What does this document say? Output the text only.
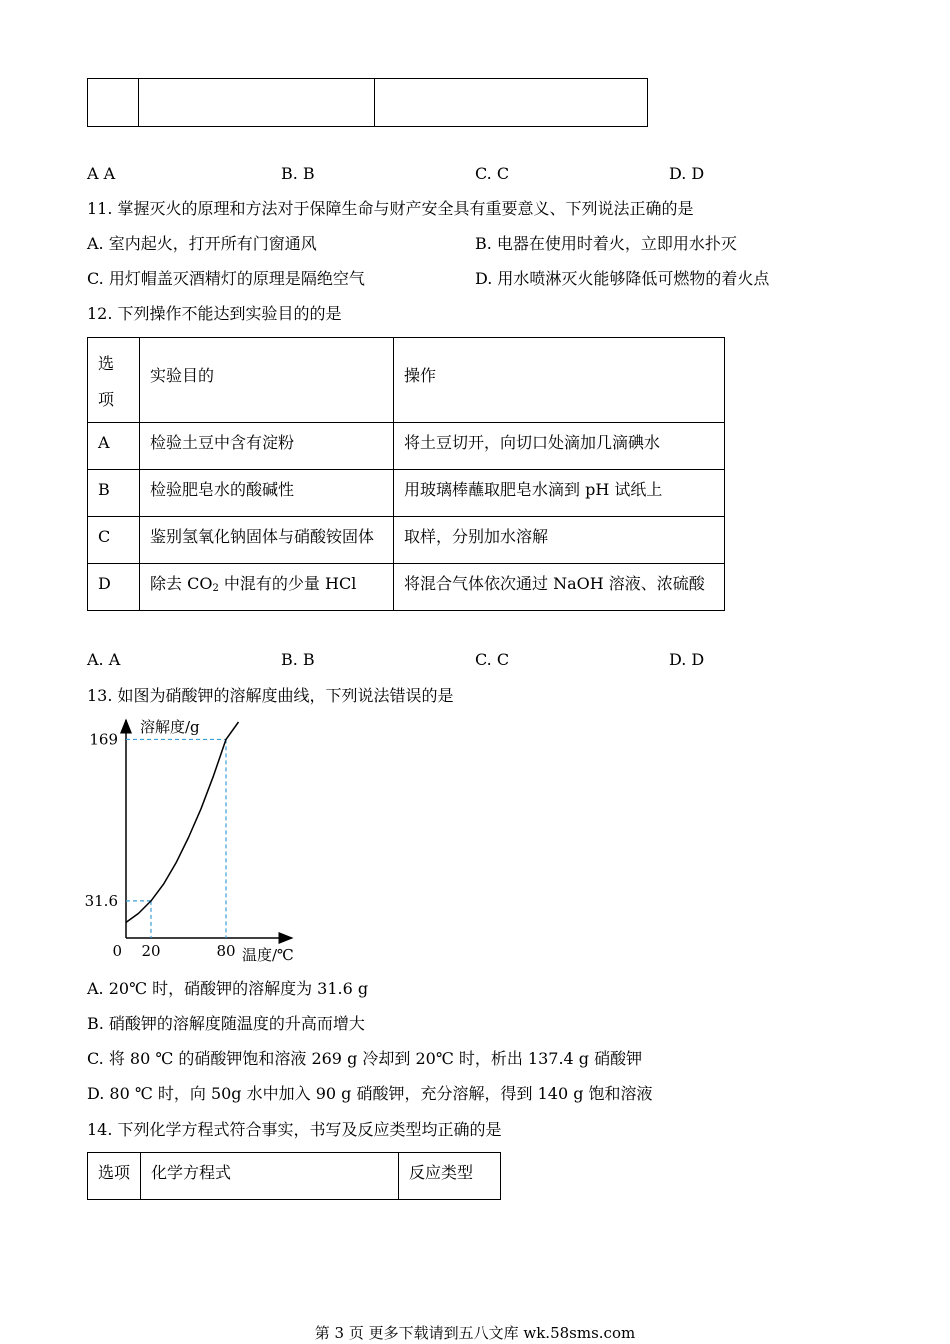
A A	B. B	C. C	D. D
11. 掌握灭火的原理和方法对于保障生命与财产安全具有重要意义、下列说法正确的是
A. 室内起火，打开所有门窗通风	B. 电器在使用时着火，立即用水扑灭
C. 用灯帽盖灭酒精灯的原理是隔绝空气	D. 用水喷淋灭火能够降低可燃物的着火点
12. 下列操作不能达到实验目的的是
选
项	实验目的	操作
A	检验土豆中含有淀粉	将土豆切开，向切口处滴加几滴碘水
B	检验肥皂水的酸碱性	用玻璃棒蘸取肥皂水滴到 pH 试纸上
C	鉴别氢氧化钠固体与硝酸铵固体	取样，分别加水溶解
D	除去 $CO_2$ 中混有的少量 HCl	将混合气体依次通过 NaOH 溶液、浓硫酸
A. A	B. B	C. C	D. D
13. 如图为硝酸钾的溶解度曲线，下列说法错误的是
溶解度/g
温度/℃
0 20	80
31.6
169
A. 20℃ 时，硝酸钾的溶解度为 31.6 g
B. 硝酸钾的溶解度随温度的升高而增大
C. 将 80 ℃ 的硝酸钾饱和溶液 269 g 冷却到 20℃ 时，析出 137.4 g 硝酸钾
D. 80 ℃ 时，向 50g 水中加入 90 g 硝酸钾，充分溶解，得到 140 g 饱和溶液
14. 下列化学方程式符合事实，书写及反应类型均正确的是
选项	化学方程式	反应类型
第 3 页 更多下载请到五八文库 wk.58sms.com
